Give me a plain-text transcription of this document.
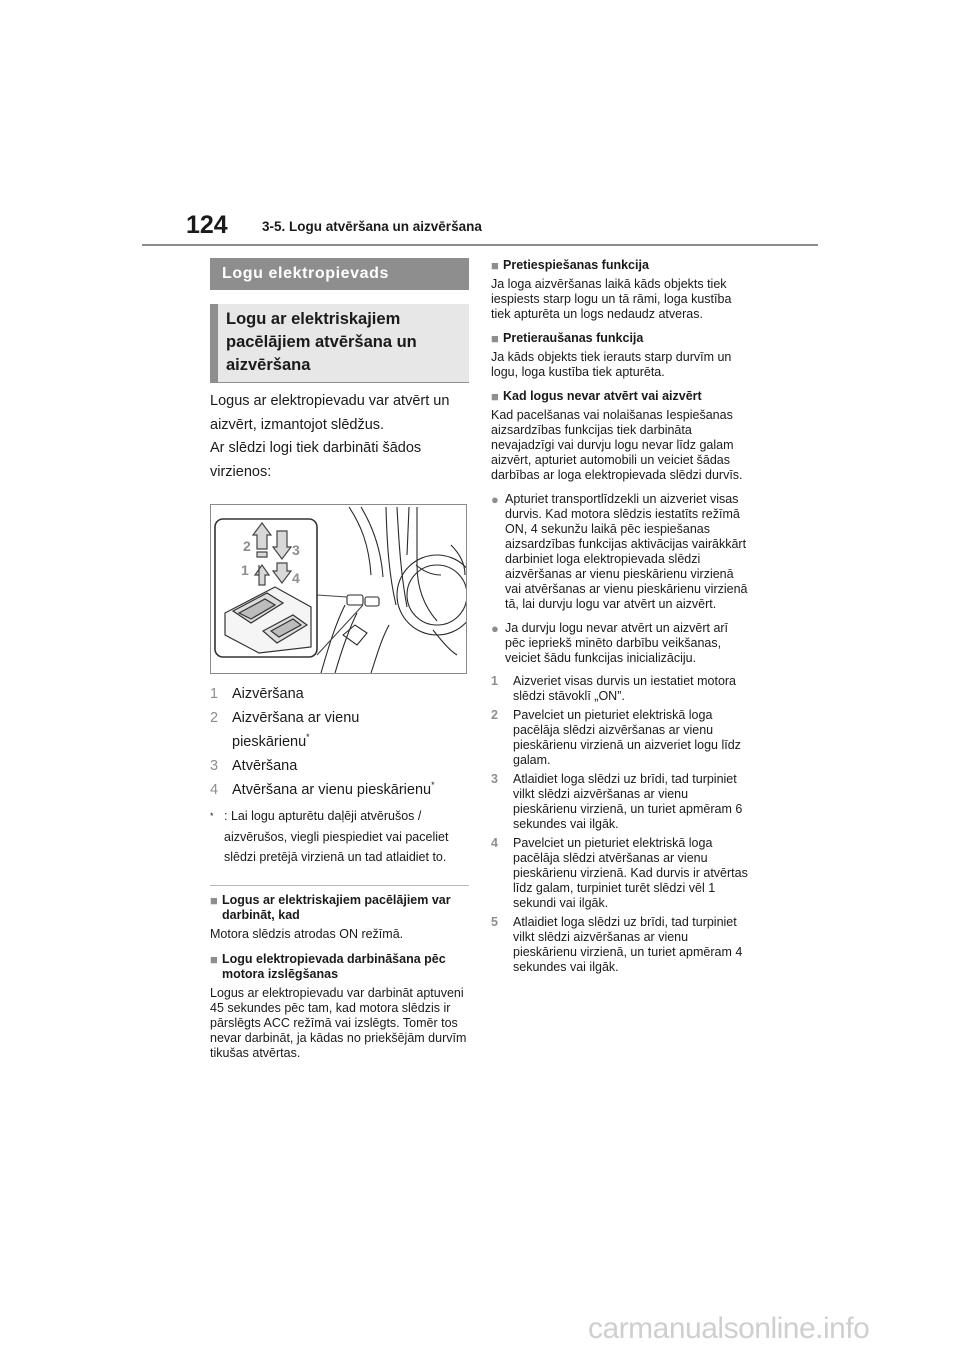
124	3-5. Logu atvēršana un aizvēršana
Logu elektropievads
Logu ar elektriskajiem pacēlājiem atvēršana un aizvēršana
Logus ar elektropievadu var atvērt un aizvērt, izmantojot slēdžus.
Ar slēdzi logi tiek darbināti šādos virzienos:
2
1
3
4
1 Aizvēršana
2 Aizvēršana ar vienu pieskārienu*
3 Atvēršana
4 Atvēršana ar vienu pieskārienu*
* : Lai logu apturētu daļēji atvērušos / aizvērušos, viegli piespiediet vai paceliet slēdzi pretējā virzienā un tad atlaidiet to.
■ Logus ar elektriskajiem pacēlājiem var darbināt, kad
Motora slēdzis atrodas ON režīmā.
■ Logu elektropievada darbināšana pēc motora izslēgšanas
Logus ar elektropievadu var darbināt aptuveni 45 sekundes pēc tam, kad motora slēdzis ir pārslēgts ACC režīmā vai izslēgts. Tomēr tos nevar darbināt, ja kādas no priekšējām durvīm tikušas atvērtas.
■ Pretiespiešanas funkcija
Ja loga aizvēršanas laikā kāds objekts tiek iespiests starp logu un tā rāmi, loga kustība tiek apturēta un logs nedaudz atveras.
■ Pretieraušanas funkcija
Ja kāds objekts tiek ierauts starp durvīm un logu, loga kustība tiek apturēta.
■ Kad logus nevar atvērt vai aizvērt
Kad pacelšanas vai nolaišanas Iespiešanas aizsardzības funkcijas tiek darbināta nevajadzīgi vai durvju logu nevar līdz galam aizvērt, apturiet automobili un veiciet šādas darbības ar loga elektropievada slēdzi durvīs.
● Apturiet transportlīdzekli un aizveriet visas durvis. Kad motora slēdzis iestatīts režīmā ON, 4 sekunžu laikā pēc iespiešanas aizsardzības funkcijas aktivācijas vairākkārt darbiniet loga elektropievada slēdzi aizvēršanas ar vienu pieskārienu virzienā vai atvēršanas ar vienu pieskārienu virzienā tā, lai durvju logu var atvērt un aizvērt.
● Ja durvju logu nevar atvērt un aizvērt arī pēc iepriekš minēto darbību veikšanas, veiciet šādu funkcijas inicializāciju.
1	Aizveriet visas durvis un iestatiet motora slēdzi stāvoklī „ON”.
2	Pavelciet un pieturiet elektriskā loga pacēlāja slēdzi aizvēršanas ar vienu pieskārienu virzienā un aizveriet logu līdz galam.
3	Atlaidiet loga slēdzi uz brīdi, tad turpiniet vilkt slēdzi aizvēršanas ar vienu pieskārienu virzienā, un turiet apmēram 6 sekundes vai ilgāk.
4	Pavelciet un pieturiet elektriskā loga pacēlāja slēdzi atvēršanas ar vienu pieskārienu virzienā. Kad durvis ir atvērtas līdz galam, turpiniet turēt slēdzi vēl 1 sekundi vai ilgāk.
5	Atlaidiet loga slēdzi uz brīdi, tad turpiniet vilkt slēdzi aizvēršanas ar vienu pieskārienu virzienā, un turiet apmēram 4 sekundes vai ilgāk.
carmanualsonline.info
